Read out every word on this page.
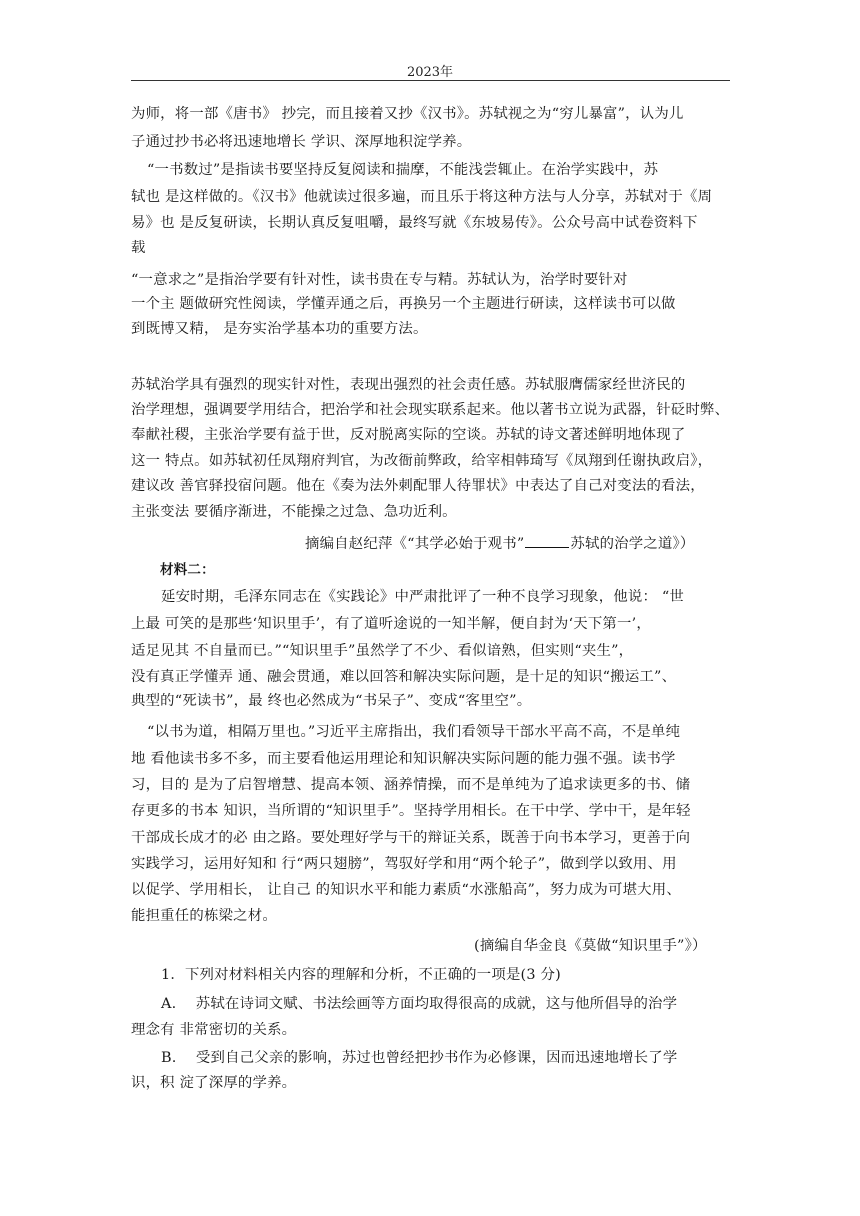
2023年
为师，将一部《唐书》 抄完，而且接着又抄《汉书》。苏轼视之为“穷儿暴富”，认为儿
子通过抄书必将迅速地增长 学识、深厚地积淀学养。
“一书数过”是指读书要坚持反复阅读和揣摩，不能浅尝辄止。在治学实践中，苏
轼也 是这样做的。《汉书》他就读过很多遍，而且乐于将这种方法与人分享，苏轼对于《周
易》也 是反复研读，长期认真反复咀嚼，最终写就《东坡易传》。公众号高中试卷资料下
载
“一意求之”是指治学要有针对性，读书贵在专与精。苏轼认为，治学时要针对
一个主 题做研究性阅读，学懂弄通之后，再换另一个主题进行研读，这样读书可以做
到既博又精， 是夯实治学基本功的重要方法。
苏轼治学具有强烈的现实针对性，表现出强烈的社会责任感。苏轼服膺儒家经世济民的
治学理想，强调要学用结合，把治学和社会现实联系起来。他以著书立说为武器，针砭时弊、
奉献社稷，主张治学要有益于世，反对脱离实际的空谈。苏轼的诗文著述鲜明地体现了
这一 特点。如苏轼初任凤翔府判官，为改衙前弊政，给宰相韩琦写《凤翔到任谢执政启》，
建议改 善官驿投宿问题。他在《奏为法外刺配罪人待罪状》中表达了自己对变法的看法，
主张变法 要循序渐进，不能操之过急、急功近利。
摘编自赵纪萍《“其学必始于观书”	苏轼的治学之道》）
材料二：
延安时期，毛泽东同志在《实践论》中严肃批评了一种不良学习现象，他说： “世
上最 可笑的是那些‘知识里手’，有了道听途说的一知半解，便自封为‘天下第一’，
适足见其 不自量而已。”“知识里手”虽然学了不少、看似谙熟，但实则“夹生”，
没有真正学懂弄 通、融会贯通，难以回答和解决实际问题，是十足的知识“搬运工”、
典型的“死读书”，最 终也必然成为“书呆子”、变成“客里空”。
“以书为道，相隔万里也。”习近平主席指出，我们看领导干部水平高不高，不是单纯
地 看他读书多不多，而主要看他运用理论和知识解决实际问题的能力强不强。读书学
习，目的 是为了启智增慧、提高本领、涵养情操，而不是单纯为了追求读更多的书、储
存更多的书本 知识，当所谓的“知识里手”。坚持学用相长。在干中学、学中干，是年轻
干部成长成才的必 由之路。要处理好学与干的辩证关系，既善于向书本学习，更善于向
实践学习，运用好知和 行“两只翅膀”，驾驭好学和用“两个轮子”，做到学以致用、用
以促学、学用相长， 让自己 的知识水平和能力素质“水涨船高”，努力成为可堪大用、
能担重任的栋梁之材。
(摘编自华金良《莫做“知识里手”》）
1．下列对材料相关内容的理解和分析，不正确的一项是(3 分)
A.　 苏轼在诗词文赋、书法绘画等方面均取得很高的成就，这与他所倡导的治学
理念有 非常密切的关系。
B.　 受到自己父亲的影响，苏过也曾经把抄书作为必修课，因而迅速地增长了学
识，积 淀了深厚的学养。
